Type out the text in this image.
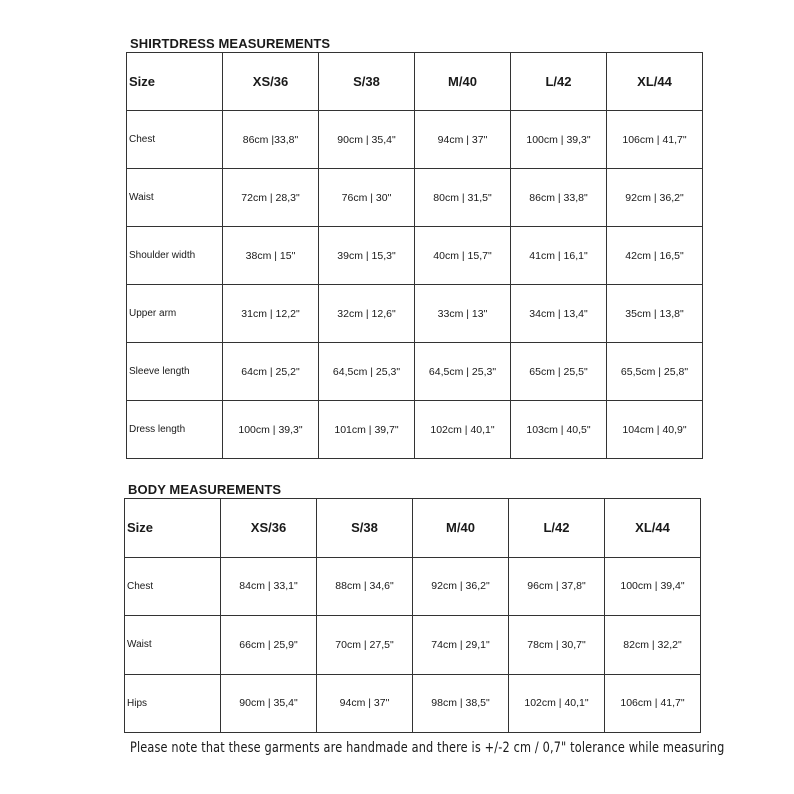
SHIRTDRESS MEASUREMENTS
Size	XS/36	S/38	M/40	L/42	XL/44
Chest	86cm |33,8"	90cm | 35,4"	94cm | 37"	100cm | 39,3"	106cm | 41,7"
Waist	72cm | 28,3"	76cm | 30"	80cm | 31,5"	86cm | 33,8"	92cm | 36,2"
Shoulder width	38cm | 15"	39cm | 15,3"	40cm | 15,7"	41cm | 16,1"	42cm | 16,5"
Upper arm	31cm | 12,2"	32cm | 12,6"	33cm | 13"	34cm | 13,4"	35cm | 13,8"
Sleeve length	64cm | 25,2"	64,5cm | 25,3"	64,5cm | 25,3"	65cm | 25,5"	65,5cm | 25,8"
Dress length	100cm | 39,3"	101cm | 39,7"	102cm | 40,1"	103cm | 40,5"	104cm | 40,9"
BODY MEASUREMENTS
Size	XS/36	S/38	M/40	L/42	XL/44
Chest	84cm | 33,1"	88cm | 34,6"	92cm | 36,2"	96cm | 37,8"	100cm | 39,4"
Waist	66cm | 25,9"	70cm | 27,5"	74cm | 29,1"	78cm | 30,7"	82cm | 32,2"
Hips	90cm | 35,4"	94cm | 37"	98cm | 38,5"	102cm | 40,1"	106cm | 41,7"
Please note that these garments are handmade and there is +/-2 cm / 0,7" tolerance while measuring
